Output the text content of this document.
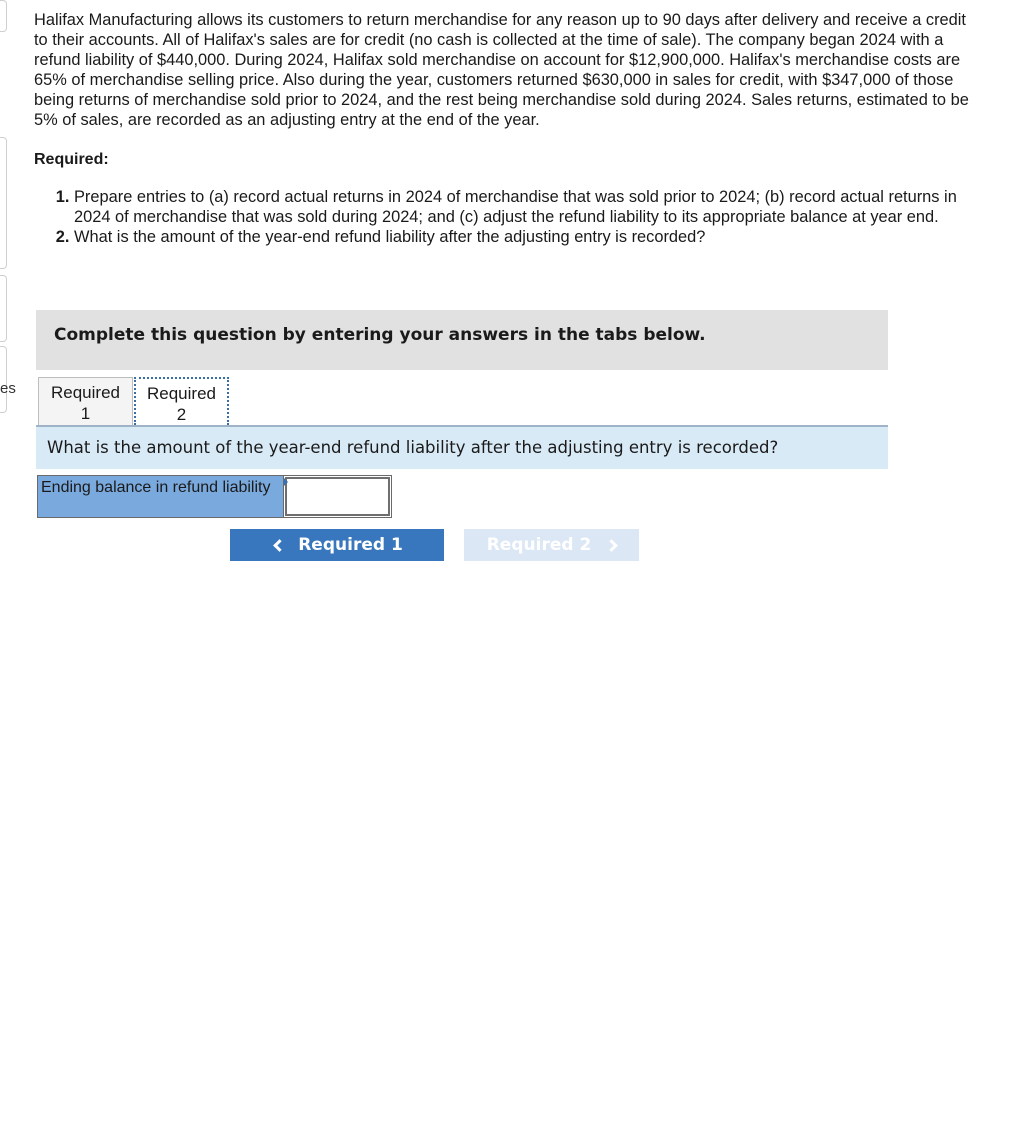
es

Halifax Manufacturing allows its customers to return merchandise for any reason up to 90 days after delivery and receive a credit to their accounts. All of Halifax's sales are for credit (no cash is collected at the time of sale). The company began 2024 with a refund liability of $440,000. During 2024, Halifax sold merchandise on account for $12,900,000. Halifax's merchandise costs are 65% of merchandise selling price. Also during the year, customers returned $630,000 in sales for credit, with $347,000 of those being returns of merchandise sold prior to 2024, and the rest being merchandise sold during 2024. Sales returns, estimated to be 5% of sales, are recorded as an adjusting entry at the end of the year.

Required:
1. Prepare entries to (a) record actual returns in 2024 of merchandise that was sold prior to 2024; (b) record actual returns in 2024 of merchandise that was sold during 2024; and (c) adjust the refund liability to its appropriate balance at year end.
2. What is the amount of the year-end refund liability after the adjusting entry is recorded?
Complete this question by entering your answers in the tabs below.
Required
1
Required
2
What is the amount of the year-end refund liability after the adjusting entry is recorded?
Ending balance in refund liability
Required 1	Required 2
